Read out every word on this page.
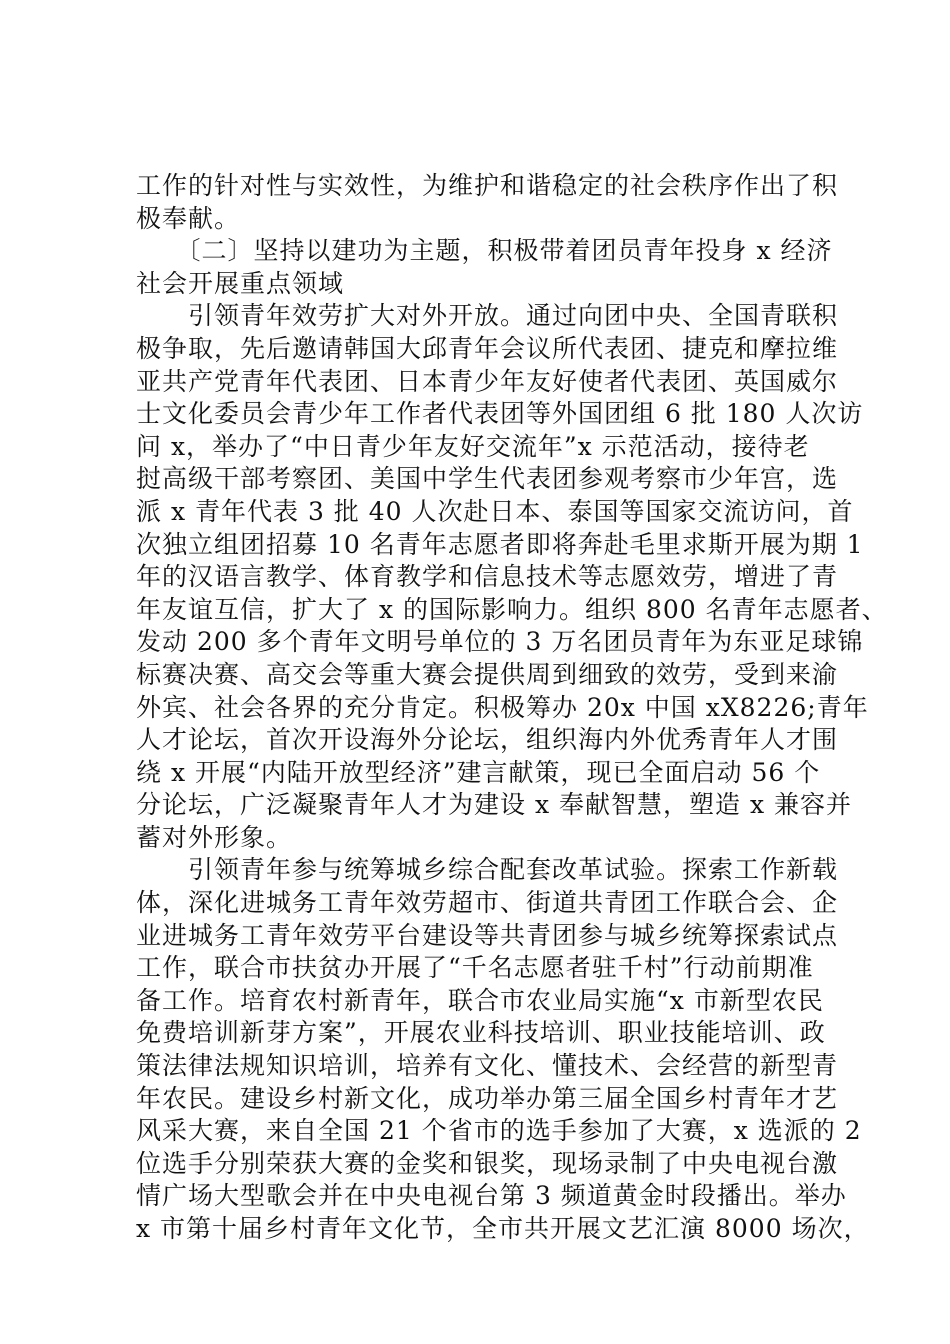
工作的针对性与实效性，为维护和谐稳定的社会秩序作出了积
极奉献。
　　〔二〕坚持以建功为主题，积极带着团员青年投身 x 经济
社会开展重点领域
　　引领青年效劳扩大对外开放。通过向团中央、全国青联积
极争取，先后邀请韩国大邱青年会议所代表团、捷克和摩拉维
亚共产党青年代表团、日本青少年友好使者代表团、英国威尔
士文化委员会青少年工作者代表团等外国团组 6 批 180 人次访
问 x，举办了“中日青少年友好交流年”x 示范活动，接待老
挝高级干部考察团、美国中学生代表团参观考察市少年宫，选
派 x 青年代表 3 批 40 人次赴日本、泰国等国家交流访问，首
次独立组团招募 10 名青年志愿者即将奔赴毛里求斯开展为期 1
年的汉语言教学、体育教学和信息技术等志愿效劳，增进了青
年友谊互信，扩大了 x 的国际影响力。组织 800 名青年志愿者、
发动 200 多个青年文明号单位的 3 万名团员青年为东亚足球锦
标赛决赛、高交会等重大赛会提供周到细致的效劳，受到来渝
外宾、社会各界的充分肯定。积极筹办 20x 中国 xX8226;青年
人才论坛，首次开设海外分论坛，组织海内外优秀青年人才围
绕 x 开展“内陆开放型经济”建言献策，现已全面启动 56 个
分论坛，广泛凝聚青年人才为建设 x 奉献智慧，塑造 x 兼容并
蓄对外形象。
　　引领青年参与统筹城乡综合配套改革试验。探索工作新载
体，深化进城务工青年效劳超市、街道共青团工作联合会、企
业进城务工青年效劳平台建设等共青团参与城乡统筹探索试点
工作，联合市扶贫办开展了“千名志愿者驻千村”行动前期准
备工作。培育农村新青年，联合市农业局实施“x 市新型农民
免费培训新芽方案”，开展农业科技培训、职业技能培训、政
策法律法规知识培训，培养有文化、懂技术、会经营的新型青
年农民。建设乡村新文化，成功举办第三届全国乡村青年才艺
风采大赛，来自全国 21 个省市的选手参加了大赛，x 选派的 2
位选手分别荣获大赛的金奖和银奖，现场录制了中央电视台激
情广场大型歌会并在中央电视台第 3 频道黄金时段播出。举办
x 市第十届乡村青年文化节，全市共开展文艺汇演 8000 场次，
